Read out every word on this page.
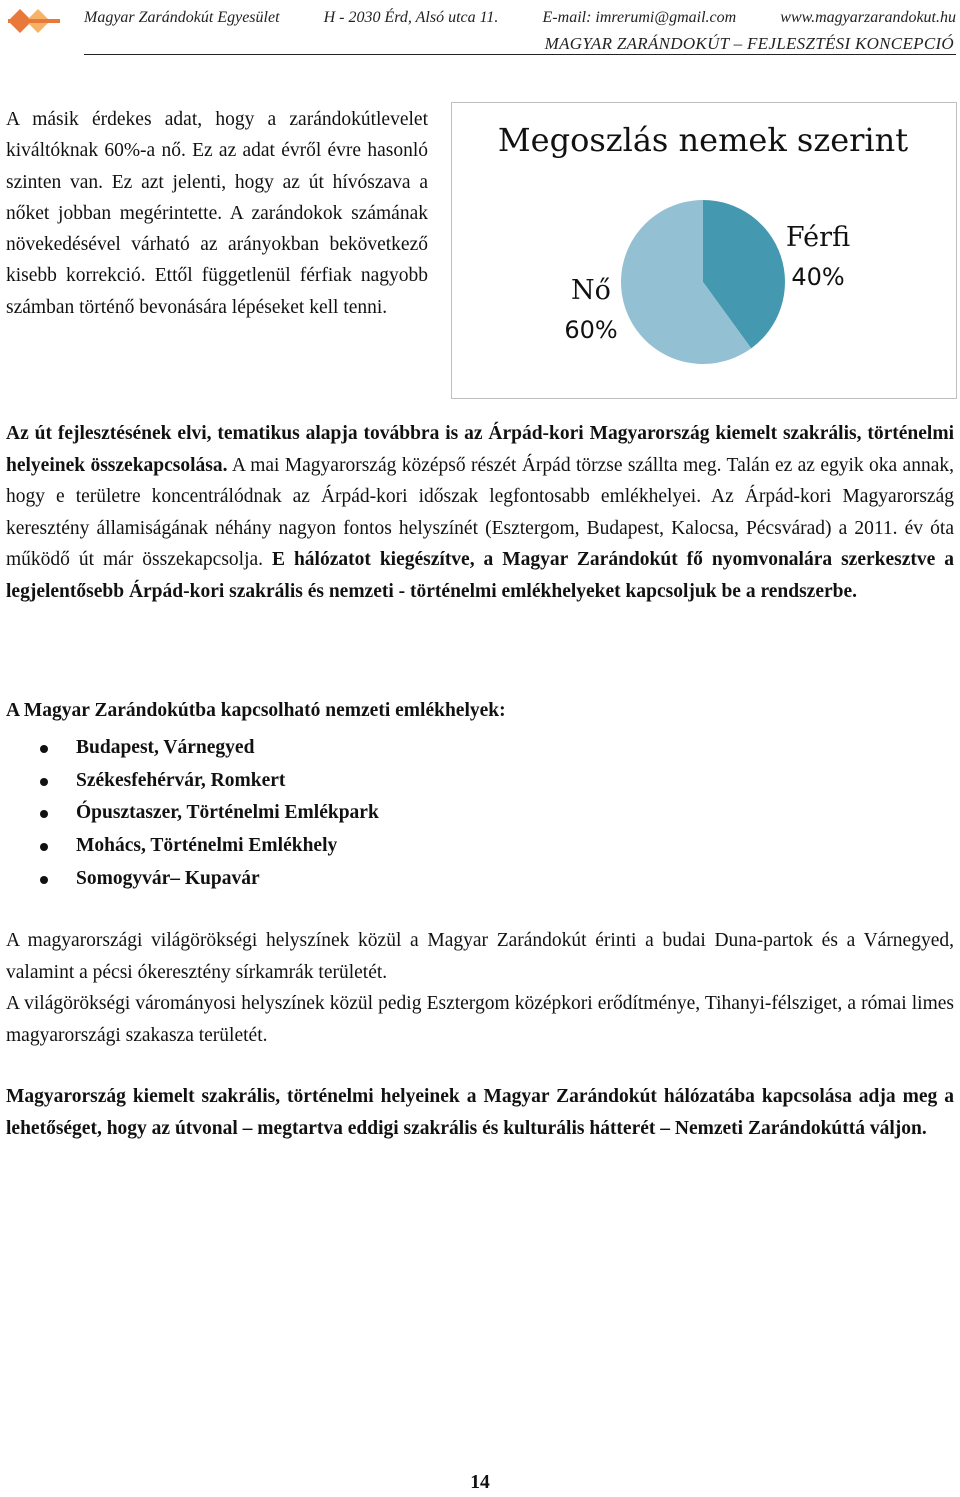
Magyar Zarándokút Egyesület	H - 2030 Érd, Alsó utca 11.	E-mail: imrerumi@gmail.com	www.magyarzarandokut.hu
MAGYAR ZARÁNDOKÚT – FEJLESZTÉSI KONCEPCIÓ

A másik érdekes adat, hogy a zarándokútlevelet kiváltóknak 60%-a nő. Ez az adat évről évre hasonló szinten van. Ez azt jelenti, hogy az út hívószava a nőket jobban megérintette. A zarándokok számának növekedésével várható az arányokban bekövetkező kisebb korrekció. Ettől függetlenül férfiak nagyobb számban történő bevonására lépéseket kell tenni.

Megoszlás nemek szerint
Férfi
40%
Nő
60%

Az út fejlesztésének elvi, tematikus alapja továbbra is az Árpád-kori Magyarország kiemelt szakrális, történelmi helyeinek összekapcsolása. A mai Magyarország középső részét Árpád törzse szállta meg. Talán ez az egyik oka annak, hogy e területre koncentrálódnak az Árpád-kori időszak legfontosabb emlékhelyei. Az Árpád-kori Magyarország keresztény államiságának néhány nagyon fontos helyszínét (Esztergom, Budapest, Kalocsa, Pécsvárad) a 2011. év óta működő út már összekapcsolja. E hálózatot kiegészítve, a Magyar Zarándokút fő nyomvonalára szerkesztve a legjelentősebb Árpád-kori szakrális és nemzeti - történelmi emlékhelyeket kapcsoljuk be a rendszerbe.

A Magyar Zarándokútba kapcsolható nemzeti emlékhelyek:

Budapest, Várnegyed
Székesfehérvár, Romkert
Ópusztaszer, Történelmi Emlékpark
Mohács, Történelmi Emlékhely
Somogyvár– Kupavár

A magyarországi világörökségi helyszínek közül a Magyar Zarándokút érinti a budai Duna-partok és a Várnegyed, valamint a pécsi ókeresztény sírkamrák területét.

A világörökségi várományosi helyszínek közül pedig Esztergom középkori erődítménye, Tihanyi-félsziget, a római limes magyarországi szakasza területét.

Magyarország kiemelt szakrális, történelmi helyeinek a Magyar Zarándokút hálózatába kapcsolása adja meg a lehetőséget, hogy az útvonal – megtartva eddigi szakrális és kulturális hátterét – Nemzeti Zarándokúttá váljon.

14
